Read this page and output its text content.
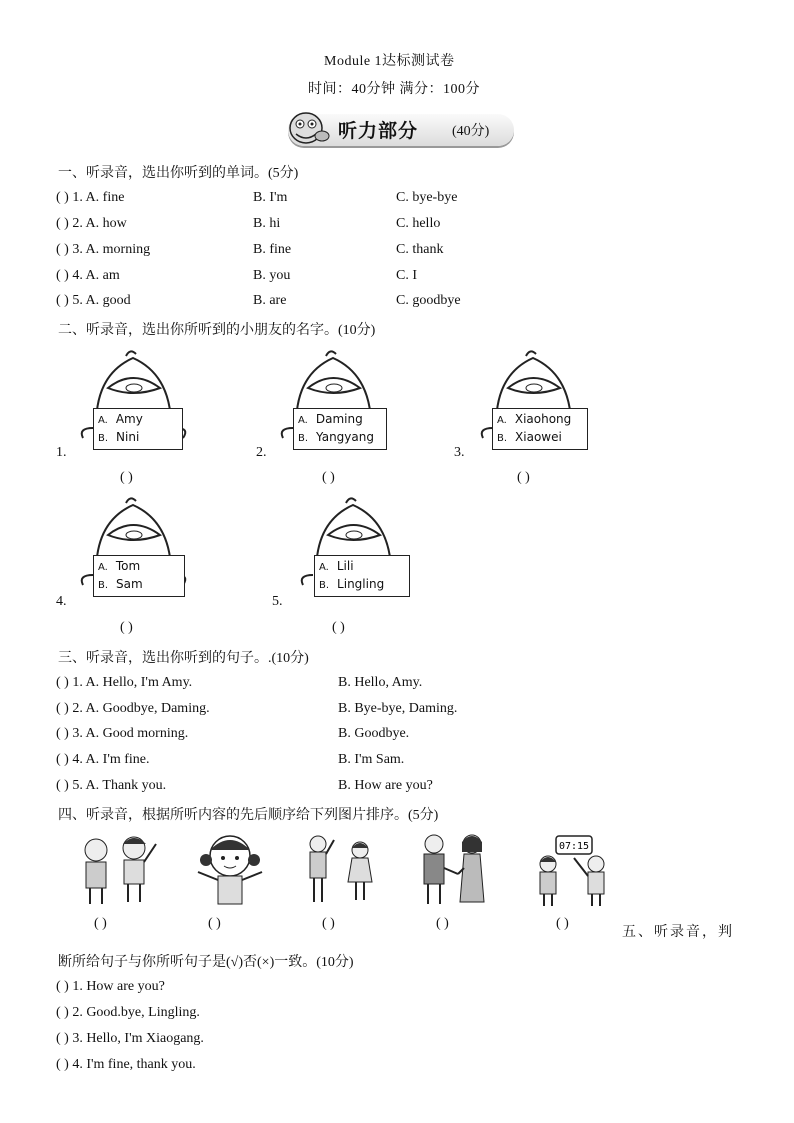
Module 1达标测试卷
时间：40分钟 满分：100分
听力部分 (40分)
一、听录音，选出你听到的单词。(5分)
( ) 1. A. fine	B. I'm	C. bye-bye
( ) 2. A. how	B. hi	C. hello
( ) 3. A. morning	B. fine	C. thank
( ) 4. A. am	B. you	C. I
( ) 5. A. good	B. are	C. goodbye
二、听录音，选出你所听到的小朋友的名字。(10分)
A. Amy
B. Nini
1.
( )
A. Daming
B. Yangyang
2.
( )
A. Xiaohong
B. Xiaowei
3.
( )
A. Tom
B. Sam
4.
( )
A. Lili
B. Lingling
5.
( )
三、听录音，选出你听到的句子。.(10分)
( ) 1. A. Hello, I'm Amy.	B. Hello, Amy.
( ) 2. A. Goodbye, Daming.	B. Bye-bye, Daming.
( ) 3. A. Good morning.	B. Goodbye.
( ) 4. A. I'm fine.	B. I'm Sam.
( ) 5. A. Thank you.	B. How are you?
四、听录音，根据所听内容的先后顺序给下列图片排序。(5分)
07:15
( )	( )	( )	( )	( )
五、听录音，判
断所给句子与你所听句子是(√)否(×)一致。(10分)
( ) 1. How are you?
( ) 2. Good.bye, Lingling.
( ) 3. Hello, I'm Xiaogang.
( ) 4. I'm fine, thank you.
